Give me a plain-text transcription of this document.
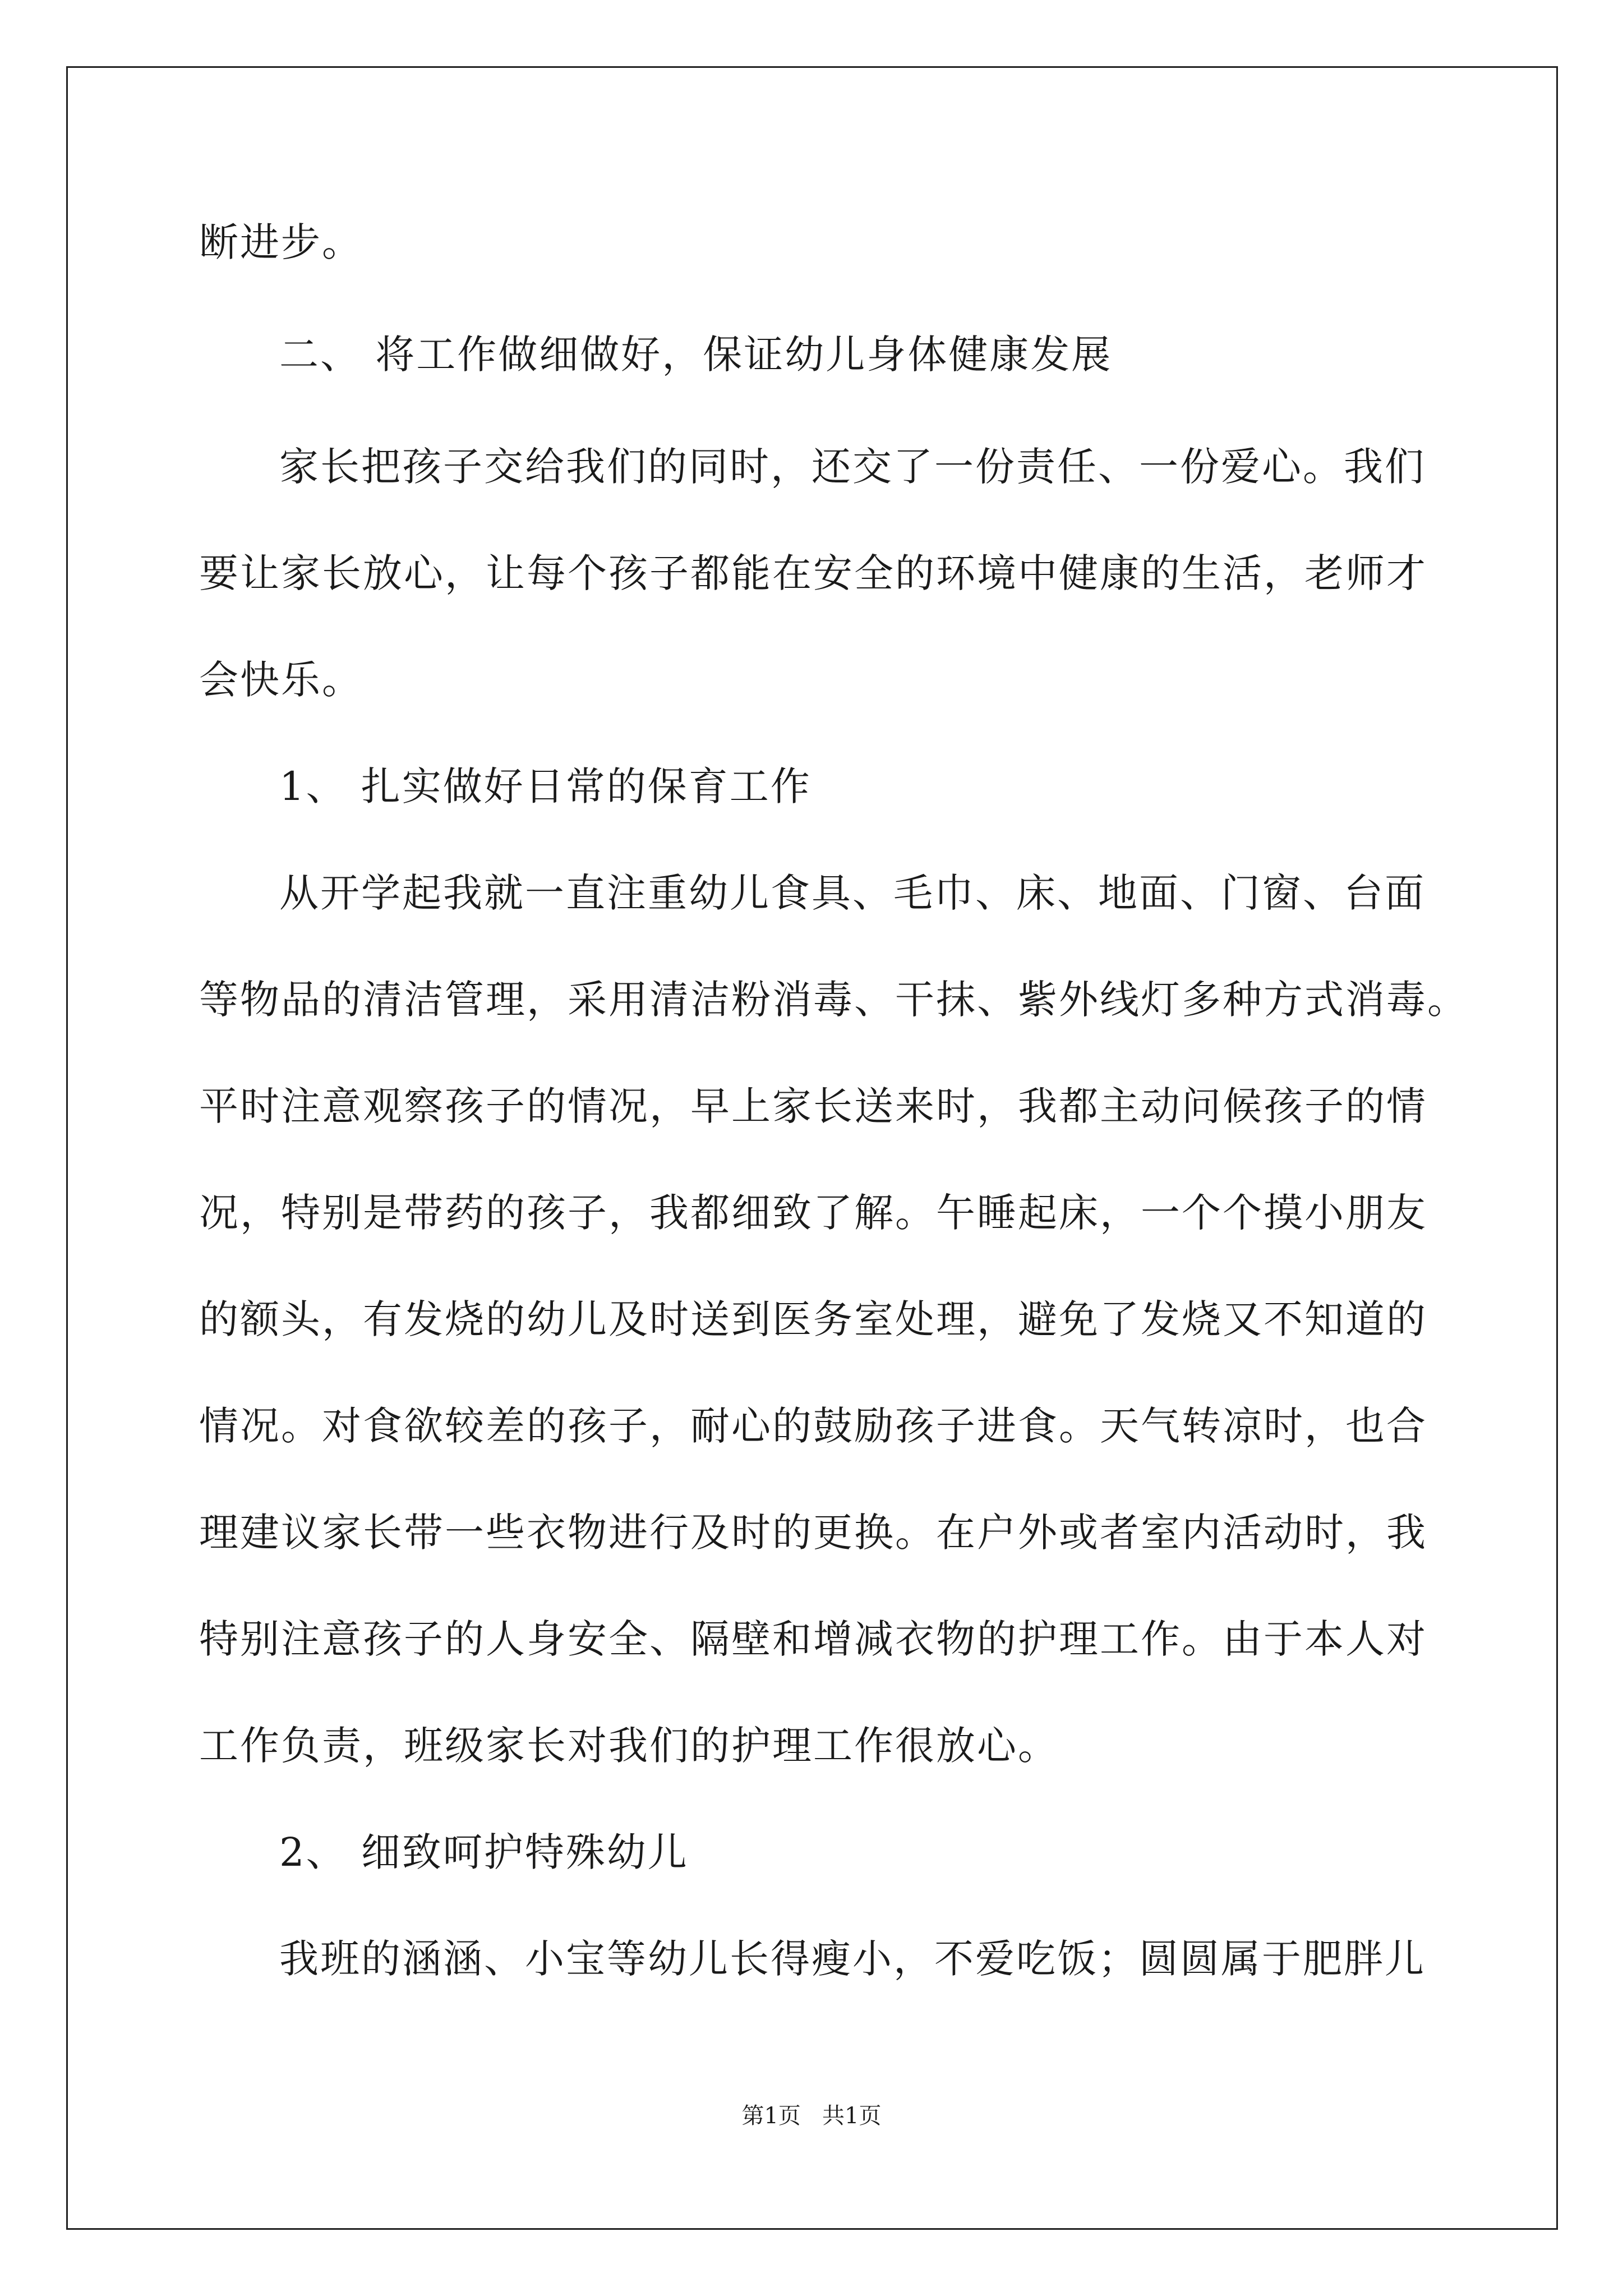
断进步。
二、 将工作做细做好，保证幼儿身体健康发展
家长把孩子交给我们的同时，还交了一份责任、一份爱心。我们
要让家长放心，让每个孩子都能在安全的环境中健康的生活，老师才
会快乐。
1、 扎实做好日常的保育工作
从开学起我就一直注重幼儿食具、毛巾、床、地面、门窗、台面
等物品的清洁管理，采用清洁粉消毒、干抹、紫外线灯多种方式消毒。
平时注意观察孩子的情况，早上家长送来时，我都主动问候孩子的情
况，特别是带药的孩子，我都细致了解。午睡起床，一个个摸小朋友
的额头，有发烧的幼儿及时送到医务室处理，避免了发烧又不知道的
情况。对食欲较差的孩子，耐心的鼓励孩子进食。天气转凉时，也合
理建议家长带一些衣物进行及时的更换。在户外或者室内活动时，我
特别注意孩子的人身安全、隔壁和增减衣物的护理工作。由于本人对
工作负责，班级家长对我们的护理工作很放心。
2、 细致呵护特殊幼儿
我班的涵涵、小宝等幼儿长得瘦小，不爱吃饭；圆圆属于肥胖儿
第1页   共1页
